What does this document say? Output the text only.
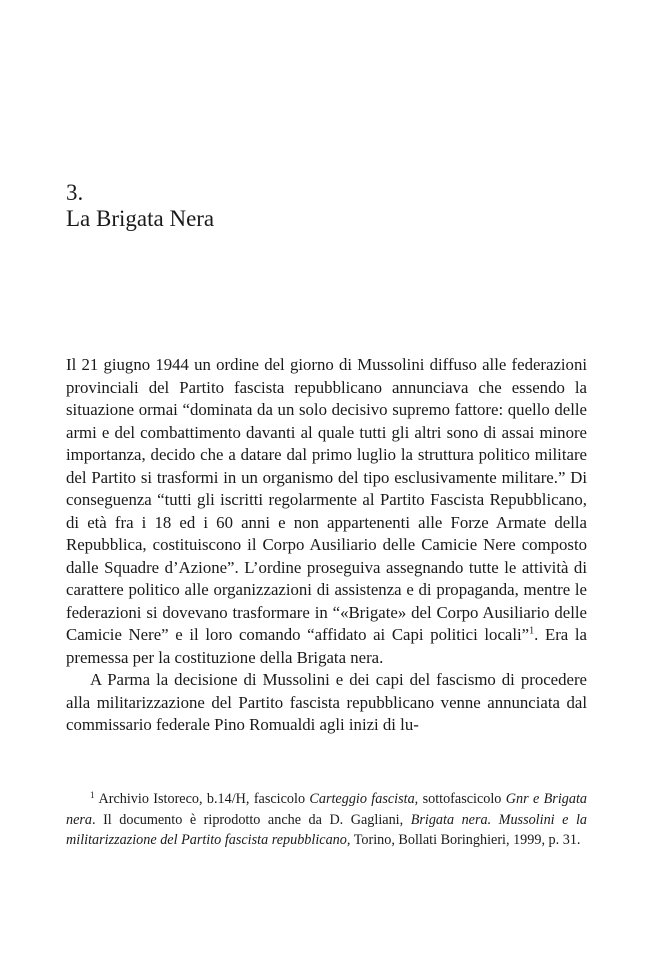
3.

La Brigata Nera

Il 21 giugno 1944 un ordine del giorno di Mussolini diffuso alle federazioni provinciali del Partito fascista repubblicano annunciava che essendo la situazione ormai “dominata da un solo decisivo supremo fattore: quello delle armi e del combattimento davanti al quale tutti gli altri sono di assai minore importanza, decido che a datare dal primo luglio la struttura politico militare del Partito si trasformi in un organismo del tipo esclusivamente militare.” Di conseguenza “tutti gli iscritti regolarmente al Partito Fascista Repubblicano, di età fra i 18 ed i 60 anni e non appartenenti alle Forze Armate della Repubblica, costituiscono il Corpo Ausiliario delle Camicie Nere composto dalle Squadre d’Azione”. L’ordine proseguiva assegnando tutte le attività di carattere politico alle organizzazioni di assistenza e di propaganda, mentre le federazioni si dovevano trasformare in “«Brigate» del Corpo Ausiliario delle Camicie Nere” e il loro comando “affidato ai Capi politici locali”$^1$. Era la premessa per la costituzione della Brigata nera.

A Parma la decisione di Mussolini e dei capi del fascismo di procedere alla militarizzazione del Partito fascista repubblicano venne annunciata dal commissario federale Pino Romualdi agli inizi di lu-

$^1$ Archivio Istoreco, b.14/H, fascicolo Carteggio fascista, sottofascicolo Gnr e Brigata nera. Il documento è riprodotto anche da D. Gagliani, Brigata nera. Mussolini e la militarizzazione del Partito fascista repubblicano, Torino, Bollati Boringhieri, 1999, p. 31.
